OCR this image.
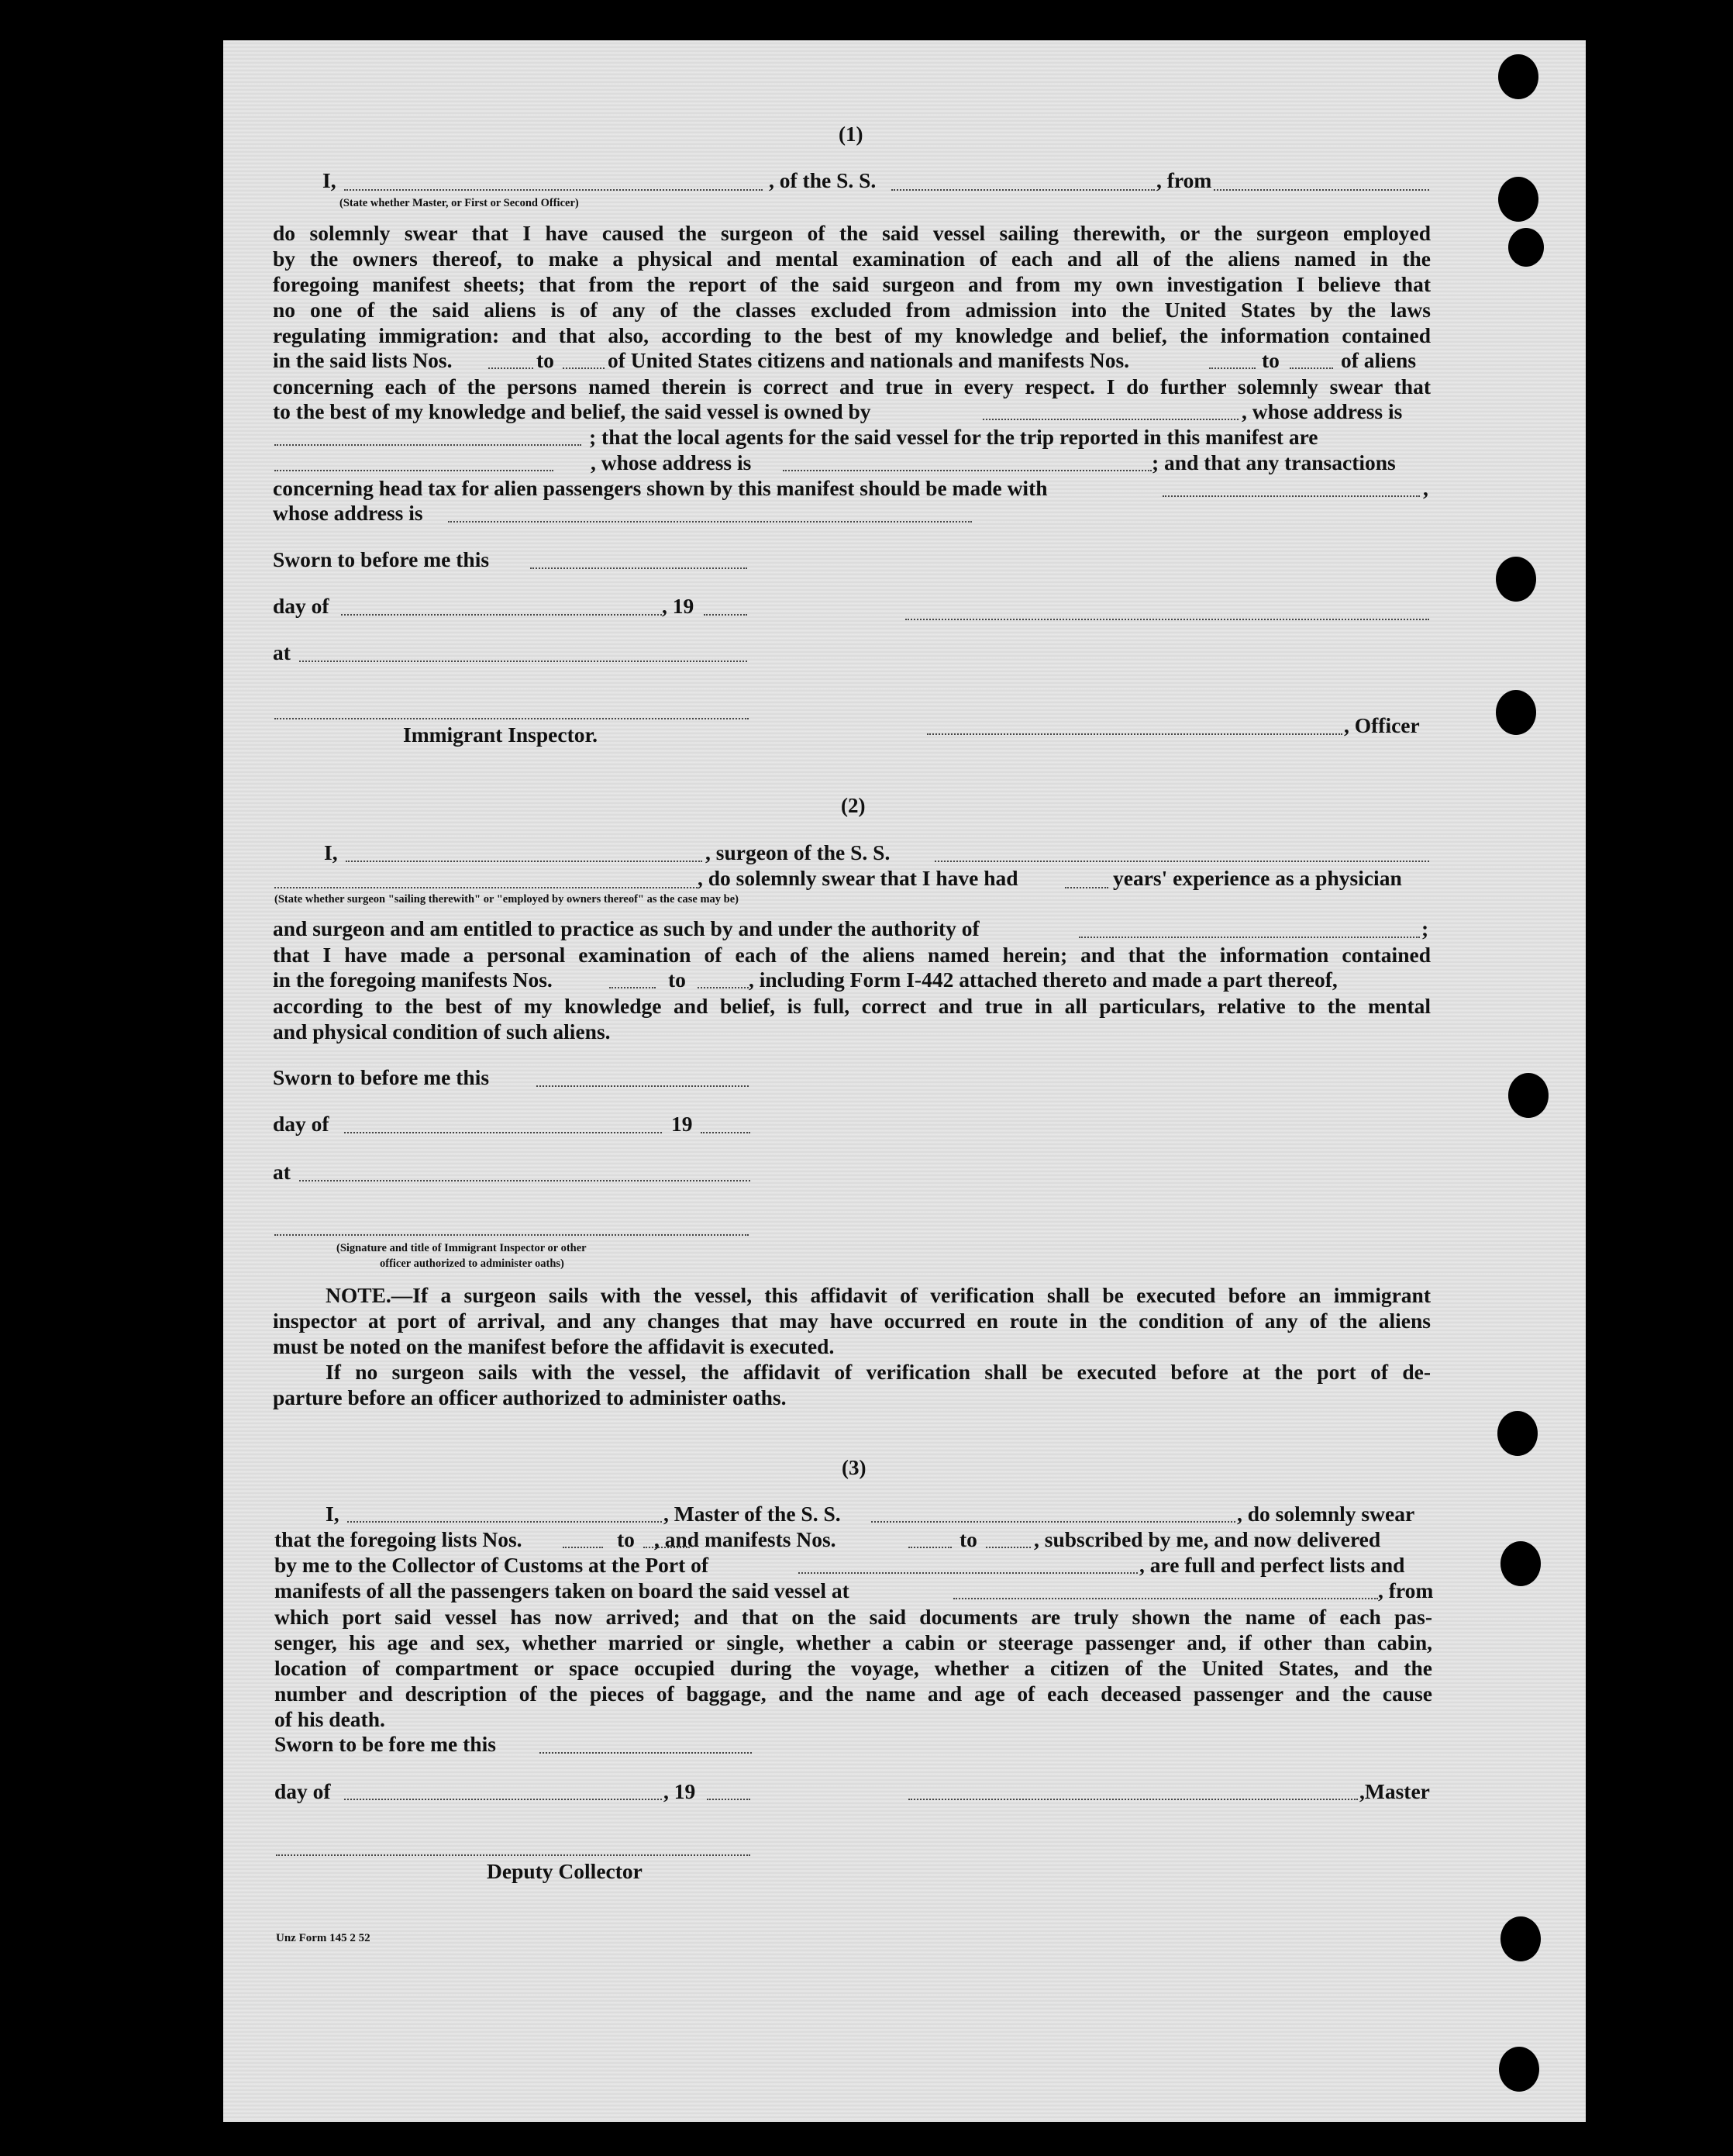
(1)
I,	, of the S. S.	, from
(State whether Master, or First or Second Officer)
do solemnly swear that I have caused the surgeon of the said vessel sailing therewith, or the surgeon employed
by the owners thereof, to make a physical and mental examination of each and all of the aliens named in the
foregoing manifest sheets; that from the report of the said surgeon and from my own investigation I believe that
no one of the said aliens is of any of the classes excluded from admission into the United States by the laws
regulating immigration: and that also, according to the best of my knowledge and belief, the information contained
in the said lists Nos.	to	of United States citizens and nationals and manifests Nos.	to	of aliens
concerning each of the persons named therein is correct and true in every respect. I do further solemnly swear that
to the best of my knowledge and belief, the said vessel is owned by	, whose address is
; that the local agents for the said vessel for the trip reported in this manifest are
, whose address is	; and that any transactions
concerning head tax for alien passengers shown by this manifest should be made with	,
whose address is
Sworn to before me this
day of	, 19
at
Immigrant Inspector.	, Officer
(2)
I,	, surgeon of the S. S.
, do solemnly swear that I have had	years' experience as a physician
(State whether surgeon "sailing therewith" or "employed by owners thereof" as the case may be)
and surgeon and am entitled to practice as such by and under the authority of	;
that I have made a personal examination of each of the aliens named herein; and that the information contained
in the foregoing manifests Nos.	to	, including Form I-442 attached thereto and made a part thereof,
according to the best of my knowledge and belief, is full, correct and true in all particulars, relative to the mental
and physical condition of such aliens.
Sworn to before me this
day of	19
at
(Signature and title of Immigrant Inspector or other
officer authorized to administer oaths)
NOTE.—If a surgeon sails with the vessel, this affidavit of verification shall be executed before an immigrant
inspector at port of arrival, and any changes that may have occurred en route in the condition of any of the aliens
must be noted on the manifest before the affidavit is executed.
If no surgeon sails with the vessel, the affidavit of verification shall be executed before at the port of de-
parture before an officer authorized to administer oaths.
(3)
I,	, Master of the S. S.	, do solemnly swear
that the foregoing lists Nos.	to , and manifests Nos.	to	, subscribed by me, and now delivered
by me to the Collector of Customs at the Port of	, are full and perfect lists and
manifests of all the passengers taken on board the said vessel at	, from
which port said vessel has now arrived; and that on the said documents are truly shown the name of each pas-
senger, his age and sex, whether married or single, whether a cabin or steerage passenger and, if other than cabin,
location of compartment or space occupied during the voyage, whether a citizen of the United States, and the
number and description of the pieces of baggage, and the name and age of each deceased passenger and the cause
of his death.
Sworn to be fore me this
day of	, 19	,Master
Deputy Collector
Unz Form 145 2 52
